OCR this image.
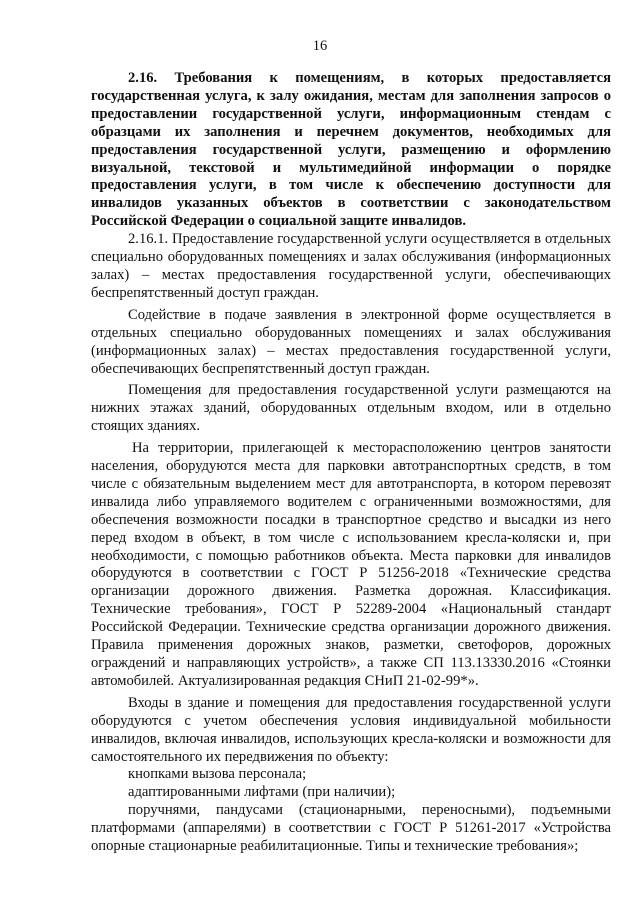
16

2.16. Требования к помещениям, в которых предоставляется государственная услуга, к залу ожидания, местам для заполнения запросов о предоставлении государственной услуги, информационным стендам с образцами их заполнения и перечнем документов, необходимых для предоставления государственной услуги, размещению и оформлению визуальной, текстовой и мультимедийной информации о порядке предоставления услуги, в том числе к обеспечению доступности для инвалидов указанных объектов в соответствии с законодательством Российской Федерации о социальной защите инвалидов.

2.16.1. Предоставление государственной услуги осуществляется в отдельных специально оборудованных помещениях и залах обслуживания (информационных залах) – местах предоставления государственной услуги, обеспечивающих беспрепятственный доступ граждан.

Содействие в подаче заявления в электронной форме осуществляется в отдельных специально оборудованных помещениях и залах обслуживания (информационных залах) – местах предоставления государственной услуги, обеспечивающих беспрепятственный доступ граждан.

Помещения для предоставления государственной услуги размещаются на нижних этажах зданий, оборудованных отдельным входом, или в отдельно стоящих зданиях.

На территории, прилегающей к месторасположению центров занятости населения, оборудуются места для парковки автотранспортных средств, в том числе с обязательным выделением мест для автотранспорта, в котором перевозят инвалида либо управляемого водителем с ограниченными возможностями, для обеспечения возможности посадки в транспортное средство и высадки из него перед входом в объект, в том числе с использованием кресла-коляски и, при необходимости, с помощью работников объекта. Места парковки для инвалидов оборудуются в соответствии с ГОСТ Р 51256-2018 «Технические средства организации дорожного движения. Разметка дорожная. Классификация. Технические требования», ГОСТ Р 52289-2004 «Национальный стандарт Российской Федерации. Технические средства организации дорожного движения. Правила применения дорожных знаков, разметки, светофоров, дорожных ограждений и направляющих устройств», а также СП 113.13330.2016 «Стоянки автомобилей. Актуализированная редакция СНиП 21-02-99*».

Входы в здание и помещения для предоставления государственной услуги оборудуются с учетом обеспечения условия индивидуальной мобильности инвалидов, включая инвалидов, использующих кресла-коляски и возможности для самостоятельного их передвижения по объекту:

кнопками вызова персонала;

адаптированными лифтами (при наличии);

поручнями, пандусами (стационарными, переносными), подъемными платформами (аппарелями) в соответствии с ГОСТ Р 51261-2017 «Устройства опорные стационарные реабилитационные. Типы и технические требования»;
